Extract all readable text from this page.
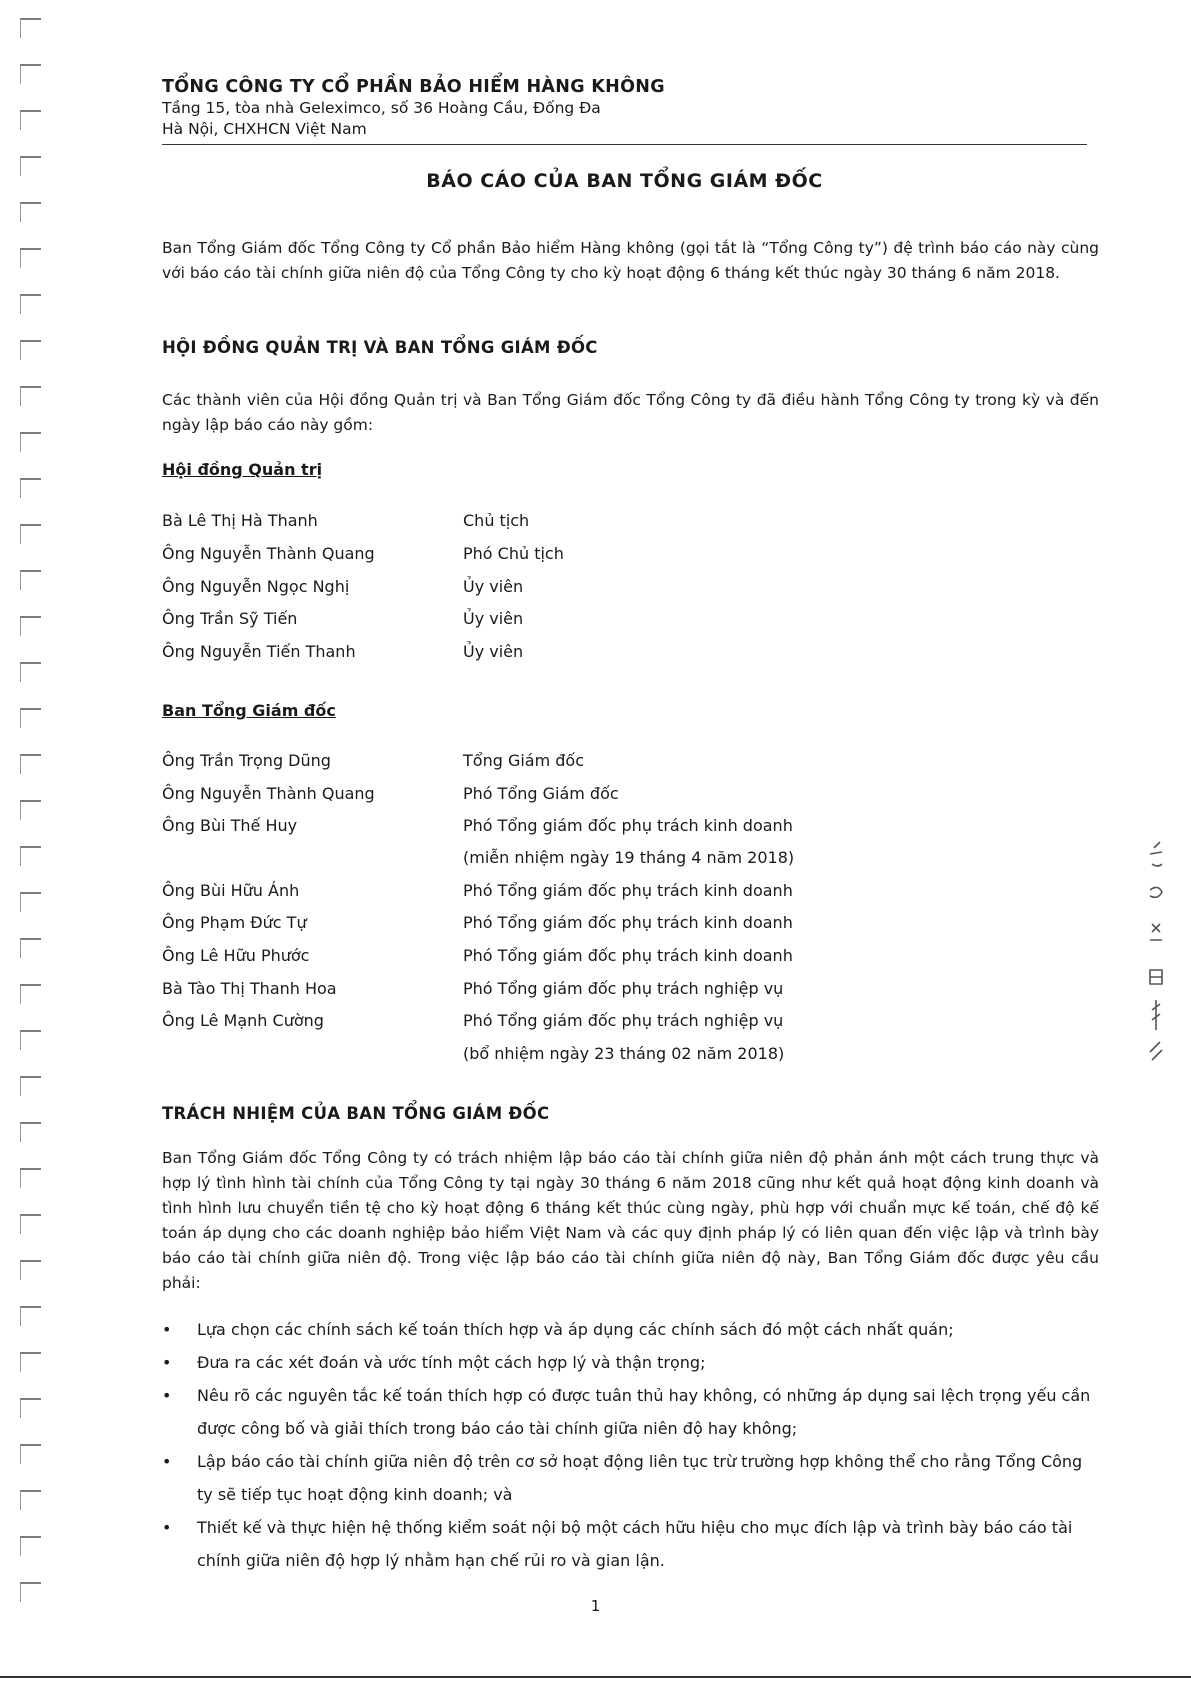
TỔNG CÔNG TY CỔ PHẦN BẢO HIỂM HÀNG KHÔNG
Tầng 15, tòa nhà Geleximco, số 36 Hoàng Cầu, Đống Đa
Hà Nội, CHXHCN Việt Nam
BÁO CÁO CỦA BAN TỔNG GIÁM ĐỐC
Ban Tổng Giám đốc Tổng Công ty Cổ phần Bảo hiểm Hàng không (gọi tắt là “Tổng Công ty”) đệ trình báo cáo này cùng với báo cáo tài chính giữa niên độ của Tổng Công ty cho kỳ hoạt động 6 tháng kết thúc ngày 30 tháng 6 năm 2018.
HỘI ĐỒNG QUẢN TRỊ VÀ BAN TỔNG GIÁM ĐỐC
Các thành viên của Hội đồng Quản trị và Ban Tổng Giám đốc Tổng Công ty đã điều hành Tổng Công ty trong kỳ và đến ngày lập báo cáo này gồm:
Hội đồng Quản trị
Bà Lê Thị Hà Thanh	Chủ tịch
Ông Nguyễn Thành Quang	Phó Chủ tịch
Ông Nguyễn Ngọc Nghị	Ủy viên
Ông Trần Sỹ Tiến	Ủy viên
Ông Nguyễn Tiến Thanh	Ủy viên
Ban Tổng Giám đốc
Ông Trần Trọng Dũng	Tổng Giám đốc
Ông Nguyễn Thành Quang	Phó Tổng Giám đốc
Ông Bùi Thế Huy	Phó Tổng giám đốc phụ trách kinh doanh
(miễn nhiệm ngày 19 tháng 4 năm 2018)
Ông Bùi Hữu Ánh	Phó Tổng giám đốc phụ trách kinh doanh
Ông Phạm Đức Tự	Phó Tổng giám đốc phụ trách kinh doanh
Ông Lê Hữu Phước	Phó Tổng giám đốc phụ trách kinh doanh
Bà Tào Thị Thanh Hoa	Phó Tổng giám đốc phụ trách nghiệp vụ
Ông Lê Mạnh Cường	Phó Tổng giám đốc phụ trách nghiệp vụ
(bổ nhiệm ngày 23 tháng 02 năm 2018)
TRÁCH NHIỆM CỦA BAN TỔNG GIÁM ĐỐC
Ban Tổng Giám đốc Tổng Công ty có trách nhiệm lập báo cáo tài chính giữa niên độ phản ánh một cách trung thực và hợp lý tình hình tài chính của Tổng Công ty tại ngày 30 tháng 6 năm 2018 cũng như kết quả hoạt động kinh doanh và tình hình lưu chuyển tiền tệ cho kỳ hoạt động 6 tháng kết thúc cùng ngày, phù hợp với chuẩn mực kế toán, chế độ kế toán áp dụng cho các doanh nghiệp bảo hiểm Việt Nam và các quy định pháp lý có liên quan đến việc lập và trình bày báo cáo tài chính giữa niên độ. Trong việc lập báo cáo tài chính giữa niên độ này, Ban Tổng Giám đốc được yêu cầu phải:
• Lựa chọn các chính sách kế toán thích hợp và áp dụng các chính sách đó một cách nhất quán;
• Đưa ra các xét đoán và ước tính một cách hợp lý và thận trọng;
• Nêu rõ các nguyên tắc kế toán thích hợp có được tuân thủ hay không, có những áp dụng sai lệch trọng yếu cần được công bố và giải thích trong báo cáo tài chính giữa niên độ hay không;
• Lập báo cáo tài chính giữa niên độ trên cơ sở hoạt động liên tục trừ trường hợp không thể cho rằng Tổng Công ty sẽ tiếp tục hoạt động kinh doanh; và
• Thiết kế và thực hiện hệ thống kiểm soát nội bộ một cách hữu hiệu cho mục đích lập và trình bày báo cáo tài chính giữa niên độ hợp lý nhằm hạn chế rủi ro và gian lận.
1
